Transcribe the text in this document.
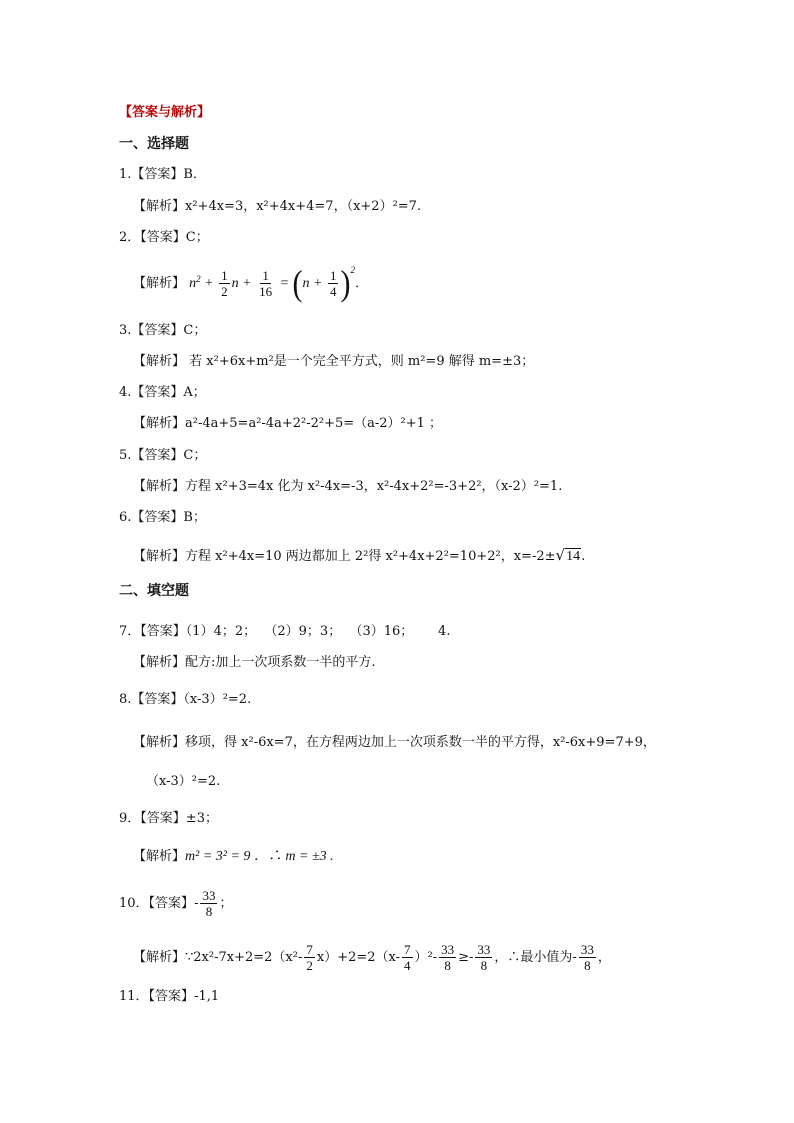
【答案与解析】
一、选择题
1.【答案】B．
【解析】x²+4x=3，x²+4x+4=7，（x+2）²=7.
2．【答案】C；
【解析】 $n^2 + \frac{1}{2}$ $n + \frac{1}{16} = (n + \frac{1}{4} )^2$．
3.【答案】C；
【解析】 若 x²+6x+m²是一个完全平方式，则 m²=9 解得 m=±3；
4.【答案】A；
【解析】a²-4a+5=a²-4a+2²-2²+5=（a-2）²+1 ；
5.【答案】C；
【解析】方程 x²+3=4x 化为 x²-4x=-3，x²-4x+2²=-3+2²，（x-2）²=1.
6.【答案】B；
【解析】方程 x²+4x=10 两边都加上 2²得 x²+4x+2²=10+2²，x=-2±√14.
二、填空题
7．【答案】（1）4；2；  （2）9；3；  （3）16；      4.
【解析】配方:加上一次项系数一半的平方.
8.【答案】（x-3）²=2.
【解析】移项，得 x²-6x=7，在方程两边加上一次项系数一半的平方得，x²-6x+9=7+9，
（x-3）²=2.
9．【答案】±3；
【解析】m² = 3² = 9 ．∴ m = ±3 .
10．【答案】- $\frac{33}{8}$ ；
【解析】∵2x²-7x+2=2（x²- $\frac{7}{2} x)+2=2(x- \frac{7}{4} )^2- \frac{33}{8} \ge- \frac{33}{8}$ ，∴最小值为- $\frac{33}{8}$ ，
11．【答案】-1,1
